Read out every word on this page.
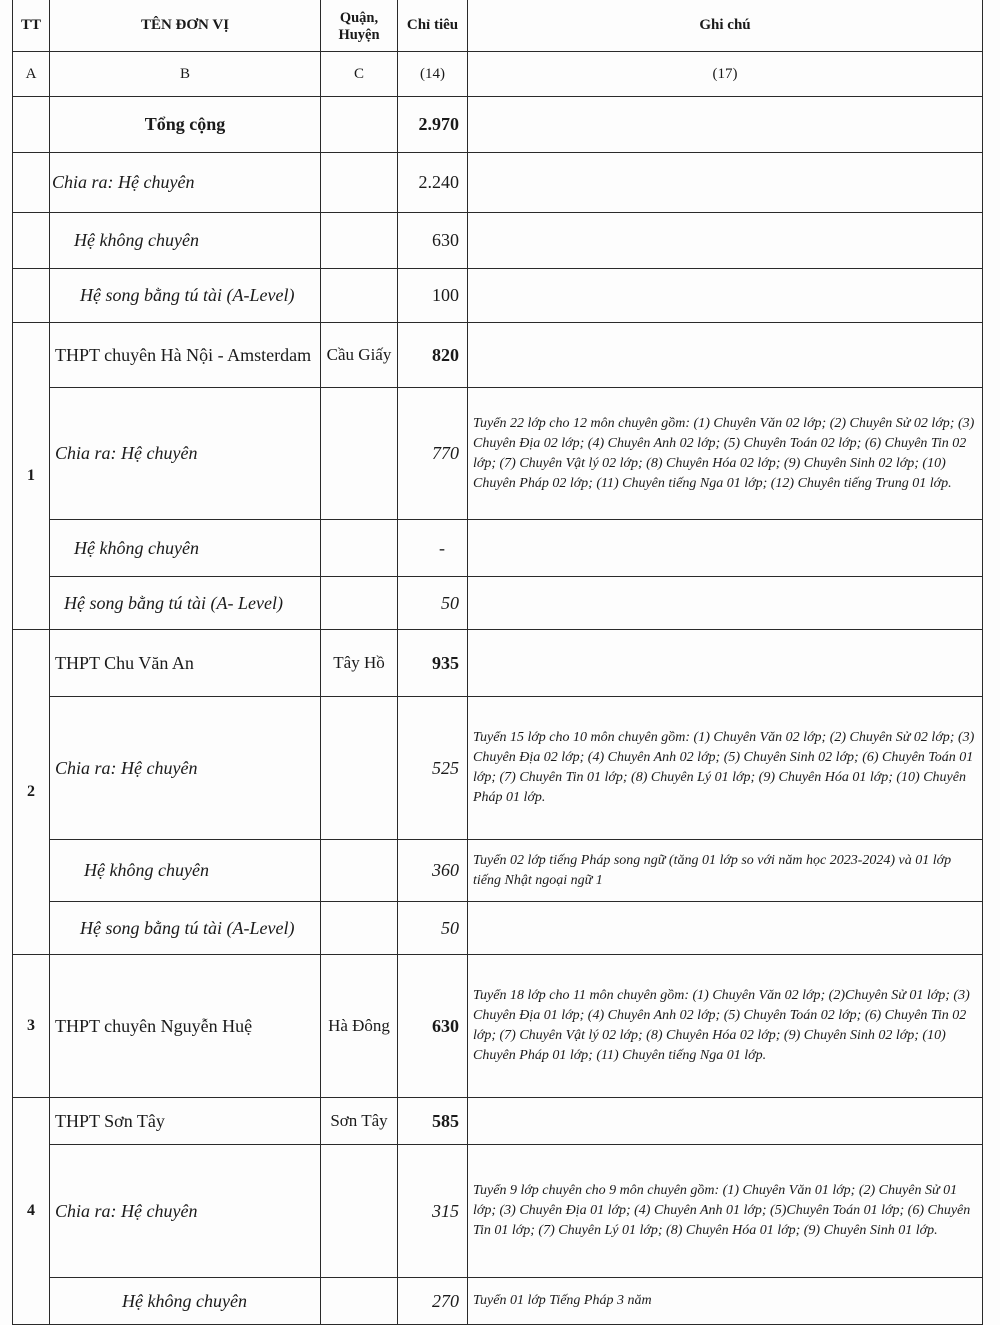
TT	TÊN ĐƠN VỊ	Quận, Huyện	Chỉ tiêu	Ghi chú
A	B	C	(14)	(17)
	Tổng cộng		2.970	
	Chia ra: Hệ chuyên		2.240	
	Hệ không chuyên		630	
	Hệ song bằng tú tài (A-Level)		100	
1	THPT chuyên Hà Nội - Amsterdam	Cầu Giấy	820	
	Chia ra: Hệ chuyên		770	Tuyển 22 lớp cho 12 môn chuyên gồm: (1) Chuyên Văn 02 lớp; (2) Chuyên Sử 02 lớp; (3) Chuyên Địa 02 lớp; (4) Chuyên Anh 02 lớp; (5) Chuyên Toán 02 lớp; (6) Chuyên Tin 02 lớp; (7) Chuyên Vật lý 02 lớp; (8) Chuyên Hóa 02 lớp; (9) Chuyên Sinh 02 lớp; (10) Chuyên Pháp 02 lớp; (11) Chuyên tiếng Nga 01 lớp; (12) Chuyên tiếng Trung 01 lớp.
	Hệ không chuyên		-	
	Hệ song bằng tú tài (A- Level)		50	
2	THPT Chu Văn An	Tây Hồ	935	
	Chia ra: Hệ chuyên		525	Tuyển 15 lớp cho 10 môn chuyên gồm: (1) Chuyên Văn 02 lớp; (2) Chuyên Sử 02 lớp; (3) Chuyên Địa 02 lớp; (4) Chuyên Anh 02 lớp; (5) Chuyên Sinh 02 lớp; (6) Chuyên Toán 01 lớp; (7) Chuyên Tin 01 lớp; (8) Chuyên Lý 01 lớp; (9) Chuyên Hóa 01 lớp; (10) Chuyên Pháp 01 lớp.
	Hệ không chuyên		360	Tuyển 02 lớp tiếng Pháp song ngữ (tăng 01 lớp so với năm học 2023-2024) và 01 lớp tiếng Nhật ngoại ngữ 1
	Hệ song bằng tú tài (A-Level)		50	
3	THPT chuyên Nguyễn Huệ	Hà Đông	630	Tuyển 18 lớp cho 11 môn chuyên gồm: (1) Chuyên Văn 02 lớp; (2)Chuyên Sử 01 lớp; (3) Chuyên Địa 01 lớp; (4) Chuyên Anh 02 lớp; (5) Chuyên Toán 02 lớp; (6) Chuyên Tin 02 lớp; (7) Chuyên Vật lý 02 lớp; (8) Chuyên Hóa 02 lớp; (9) Chuyên Sinh 02 lớp; (10) Chuyên Pháp 01 lớp; (11) Chuyên tiếng Nga 01 lớp.
4	THPT Sơn Tây	Sơn Tây	585	
	Chia ra: Hệ chuyên		315	Tuyển 9 lớp chuyên cho 9 môn chuyên gồm: (1) Chuyên Văn 01 lớp; (2) Chuyên Sử 01 lớp; (3) Chuyên Địa 01 lớp; (4) Chuyên Anh 01 lớp; (5)Chuyên Toán 01 lớp; (6) Chuyên Tin 01 lớp; (7) Chuyên Lý 01 lớp; (8) Chuyên Hóa 01 lớp; (9) Chuyên Sinh 01 lớp.
	Hệ không chuyên		270	Tuyển 01 lớp Tiếng Pháp 3 năm
